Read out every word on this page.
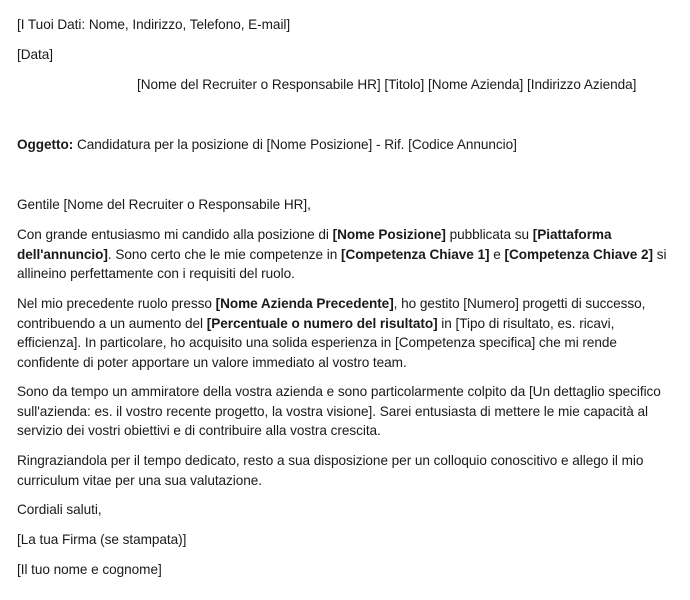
[I Tuoi Dati: Nome, Indirizzo, Telefono, E-mail]

[Data]

[Nome del Recruiter o Responsabile HR] [Titolo] [Nome Azienda] [Indirizzo Azienda]

Oggetto: Candidatura per la posizione di [Nome Posizione] - Rif. [Codice Annuncio]

Gentile [Nome del Recruiter o Responsabile HR],

Con grande entusiasmo mi candido alla posizione di [Nome Posizione] pubblicata su [Piattaforma dell'annuncio]. Sono certo che le mie competenze in [Competenza Chiave 1] e [Competenza Chiave 2] si allineino perfettamente con i requisiti del ruolo.

Nel mio precedente ruolo presso [Nome Azienda Precedente], ho gestito [Numero] progetti di successo, contribuendo a un aumento del [Percentuale o numero del risultato] in [Tipo di risultato, es. ricavi, efficienza]. In particolare, ho acquisito una solida esperienza in [Competenza specifica] che mi rende confidente di poter apportare un valore immediato al vostro team.

Sono da tempo un ammiratore della vostra azienda e sono particolarmente colpito da [Un dettaglio specifico sull'azienda: es. il vostro recente progetto, la vostra visione]. Sarei entusiasta di mettere le mie capacità al servizio dei vostri obiettivi e di contribuire alla vostra crescita.

Ringraziandola per il tempo dedicato, resto a sua disposizione per un colloquio conoscitivo e allego il mio curriculum vitae per una sua valutazione.

Cordiali saluti,

[La tua Firma (se stampata)]

[Il tuo nome e cognome]
